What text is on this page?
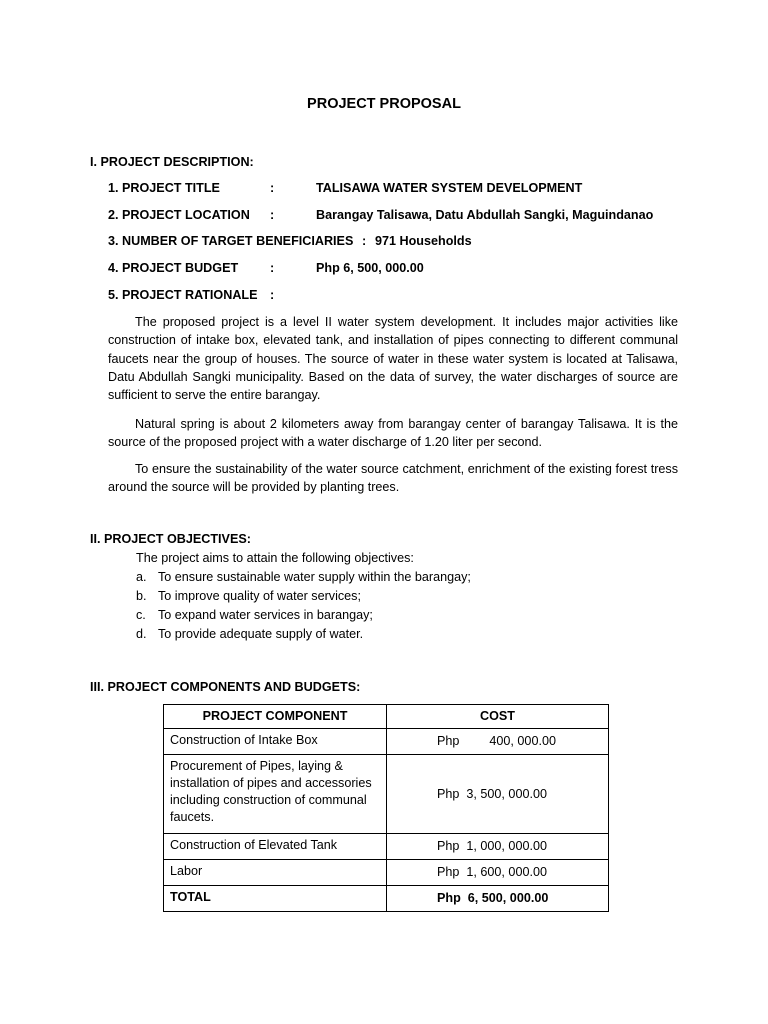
PROJECT PROPOSAL
I. PROJECT DESCRIPTION:
1. PROJECT TITLE	:	TALISAWA WATER SYSTEM DEVELOPMENT
2. PROJECT LOCATION :	Barangay Talisawa, Datu Abdullah Sangki, Maguindanao
3. NUMBER OF TARGET BENEFICIARIES : 971 Households
4. PROJECT BUDGET	:	Php 6, 500, 000.00
5. PROJECT RATIONALE :
The proposed project is a level II water system development. It includes major activities like construction of intake box, elevated tank, and installation of pipes connecting to different communal faucets near the group of houses. The source of water in these water system is located at Talisawa, Datu Abdullah Sangki municipality. Based on the data of survey, the water discharges of source are sufficient to serve the entire barangay.
Natural spring is about 2 kilometers away from barangay center of barangay Talisawa. It is the source of the proposed project with a water discharge of 1.20 liter per second.
To ensure the sustainability of the water source catchment, enrichment of the existing forest tress around the source will be provided by planting trees.
II. PROJECT OBJECTIVES:
The project aims to attain the following objectives:
a. To ensure sustainable water supply within the barangay;
b. To improve quality of water services;
c. To expand water services in barangay;
d. To provide adequate supply of water.
III. PROJECT COMPONENTS AND BUDGETS:
PROJECT COMPONENT	COST
Construction of Intake Box	Php 400, 000.00
Procurement of Pipes, laying & installation of pipes and accessories including construction of communal faucets.	Php 3, 500, 000.00
Construction of Elevated Tank	Php 1, 000, 000.00
Labor	Php 1, 600, 000.00
TOTAL	Php 6, 500, 000.00
